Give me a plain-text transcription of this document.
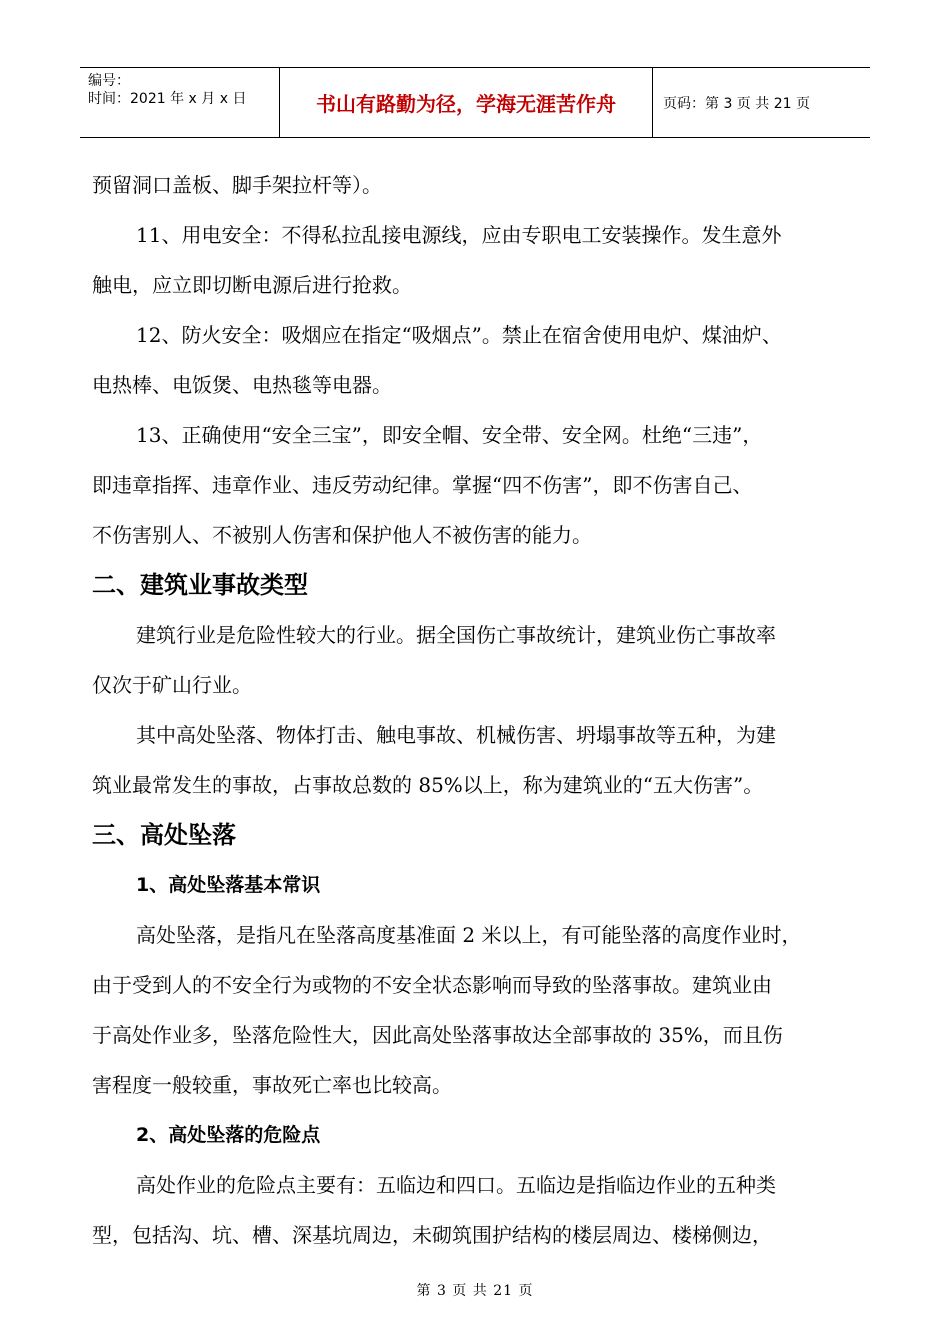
编号：
时间：2021 年 x 月 x 日	书山有路勤为径，学海无涯苦作舟	页码：第 3 页 共 21 页

预留洞口盖板、脚手架拉杆等）。

11、用电安全：不得私拉乱接电源线，应由专职电工安装操作。发生意外

触电，应立即切断电源后进行抢救。

12、防火安全：吸烟应在指定“吸烟点”。禁止在宿舍使用电炉、煤油炉、

电热棒、电饭煲、电热毯等电器。

13、正确使用“安全三宝”，即安全帽、安全带、安全网。杜绝“三违”，

即违章指挥、违章作业、违反劳动纪律。掌握“四不伤害”，即不伤害自己、

不伤害别人、不被别人伤害和保护他人不被伤害的能力。

二、建筑业事故类型

建筑行业是危险性较大的行业。据全国伤亡事故统计，建筑业伤亡事故率

仅次于矿山行业。

其中高处坠落、物体打击、触电事故、机械伤害、坍塌事故等五种，为建

筑业最常发生的事故，占事故总数的 85%以上，称为建筑业的“五大伤害”。

三、高处坠落

1、高处坠落基本常识

高处坠落，是指凡在坠落高度基准面 2 米以上，有可能坠落的高度作业时，

由于受到人的不安全行为或物的不安全状态影响而导致的坠落事故。建筑业由

于高处作业多，坠落危险性大，因此高处坠落事故达全部事故的 35%，而且伤

害程度一般较重，事故死亡率也比较高。

2、高处坠落的危险点

高处作业的危险点主要有：五临边和四口。五临边是指临边作业的五种类

型，包括沟、坑、槽、深基坑周边，未砌筑围护结构的楼层周边、楼梯侧边，

第 3 页 共 21 页
